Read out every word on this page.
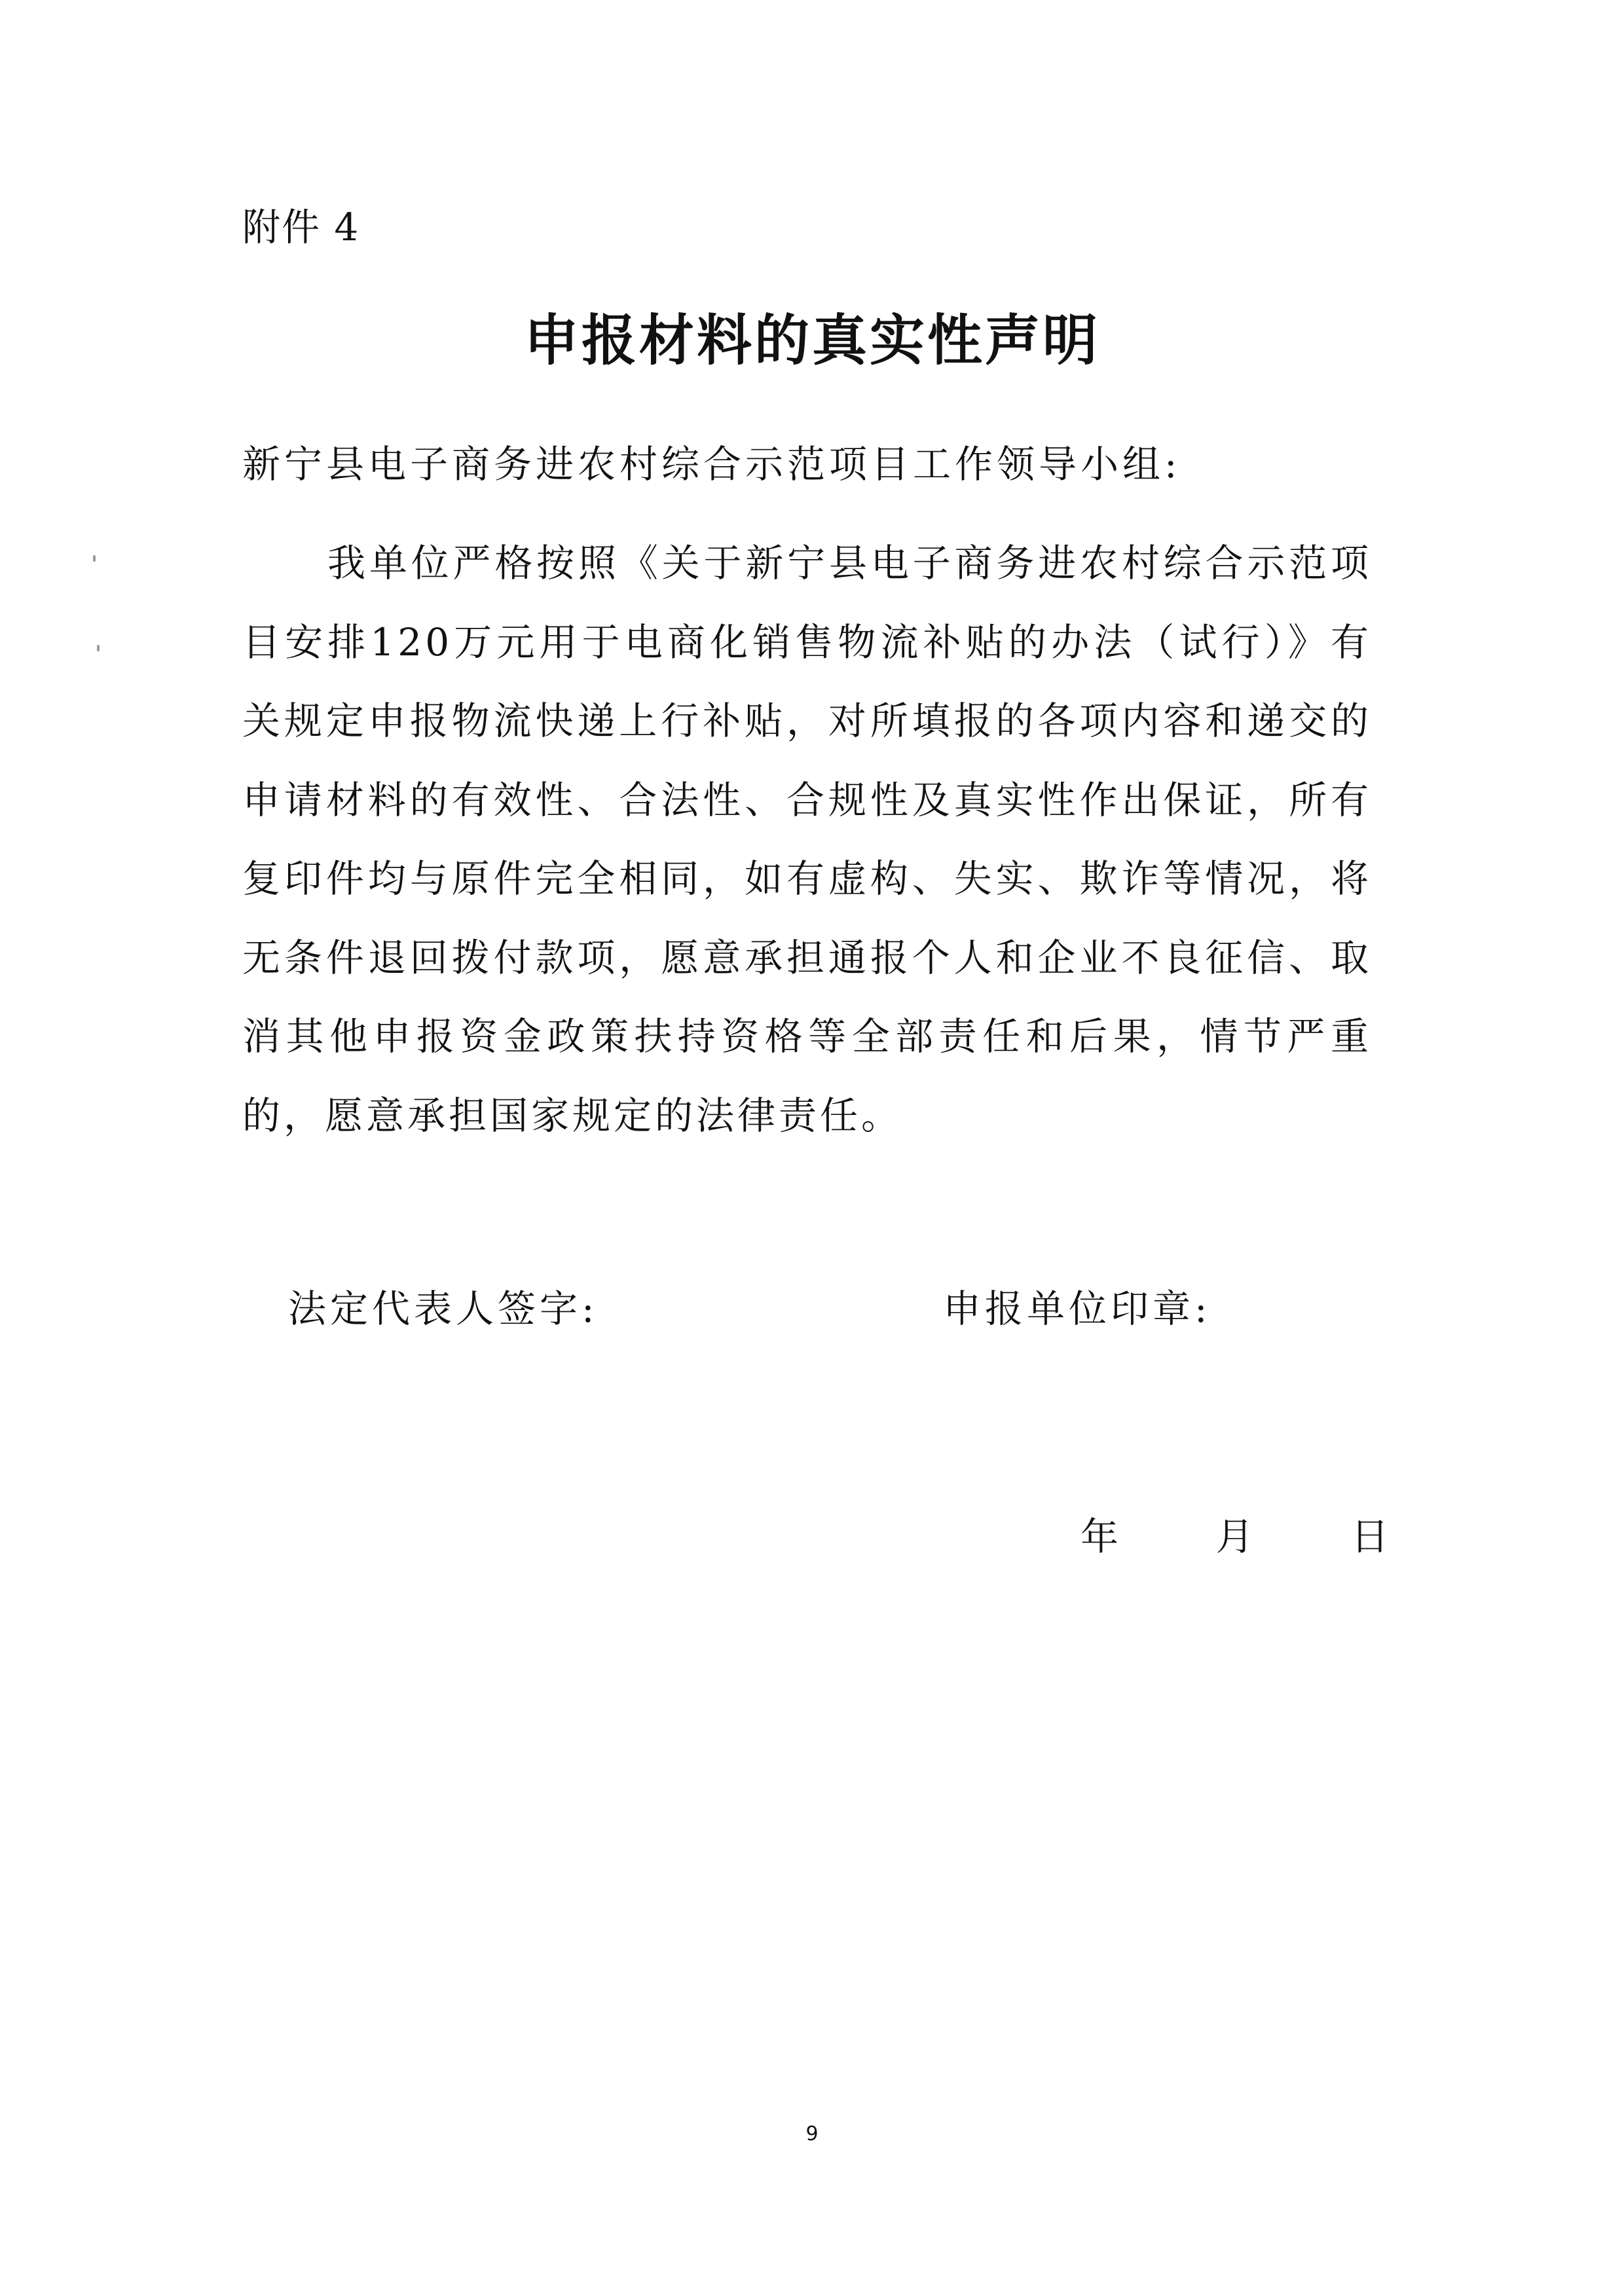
附件 4
申报材料的真实性声明
新宁县电子商务进农村综合示范项目工作领导小组:

我单位严格按照《关于新宁县电子商务进农村综合示范项目安排120万元用于电商化销售物流补贴的办法（试行）》有关规定申报物流快递上行补贴，对所填报的各项内容和递交的申请材料的有效性、合法性、合规性及真实性作出保证，所有复印件均与原件完全相同，如有虚构、失实、欺诈等情况，将无条件退回拨付款项，愿意承担通报个人和企业不良征信、取消其他申报资金政策扶持资格等全部责任和后果，情节严重的，愿意承担国家规定的法律责任。

法定代表人签字:	申报单位印章:
年	月	日
9
